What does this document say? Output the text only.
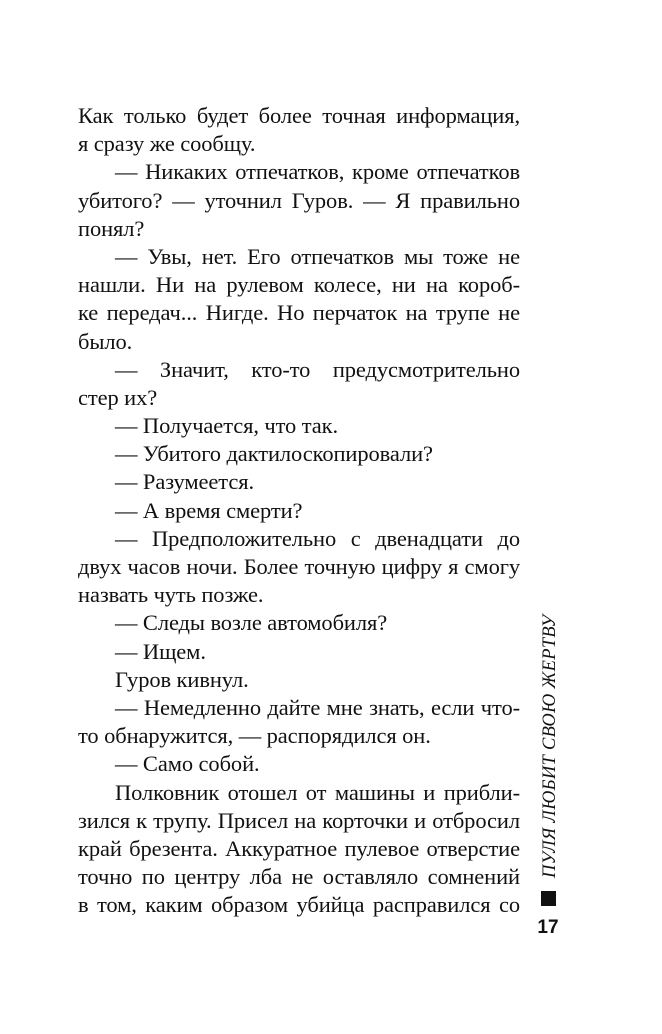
Как только будет более точная информация,
я сразу же сообщу.
— Никаких отпечатков, кроме отпечатков
убитого? — уточнил Гуров. — Я правильно
понял?
— Увы, нет. Его отпечатков мы тоже не
нашли. Ни на рулевом колесе, ни на короб-
ке передач... Нигде. Но перчаток на трупе не
было.
— Значит, кто-то предусмотрительно
стер их?
— Получается, что так.
— Убитого дактилоскопировали?
— Разумеется.
— А время смерти?
— Предположительно с двенадцати до
двух часов ночи. Более точную цифру я смогу
назвать чуть позже.
— Следы возле автомобиля?
— Ищем.
Гуров кивнул.
— Немедленно дайте мне знать, если что-
то обнаружится, — распорядился он.
— Само собой.
Полковник отошел от машины и прибли-
зился к трупу. Присел на корточки и отбросил
край брезента. Аккуратное пулевое отверстие
точно по центру лба не оставляло сомнений
в том, каким образом убийца расправился со
ПУЛЯ ЛЮБИТ СВОЮ ЖЕРТВУ
17
